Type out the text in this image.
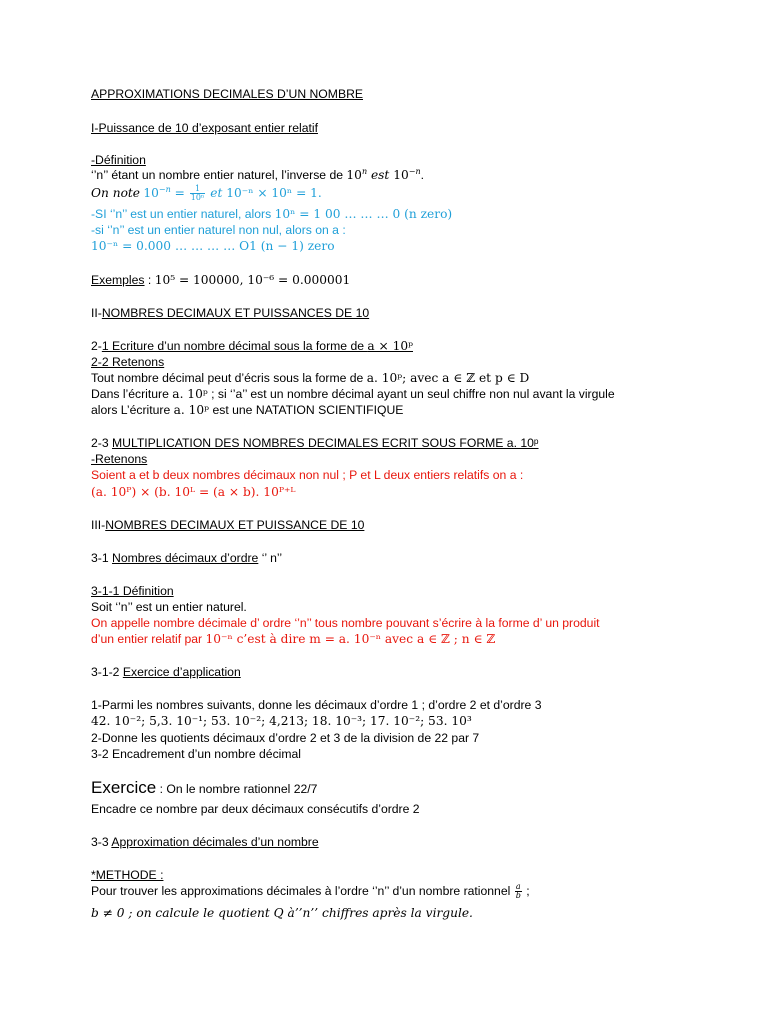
APPROXIMATIONS DECIMALES D’UN NOMBRE
I-Puissance de 10 d’exposant entier relatif
-Définition
‘’n’’ étant un nombre entier naturel, l’inverse de 10$^n$ est $10^{-n}$.
On note $10^{-n} = \frac{1}{\text{10ⁿ}}$ et 10⁻ⁿ × 10ⁿ = 1.
-SI ‘’n’’ est un entier naturel, alors 10ⁿ = 1 00 … … … 0 (n zero)
-si ‘’n’’ est un entier naturel non nul, alors on a :
10⁻ⁿ = 0.000 … … … … O1 (n − 1) zero
Exemples : 10⁵ = 100000, 10⁻⁶ = 0.000001
II-NOMBRES DECIMAUX ET PUISSANCES DE 10
2-1 Ecriture d’un nombre décimal sous la forme de a × 10ᵖ
2-2 Retenons
Tout nombre décimal peut d’écris sous la forme de a. 10ᵖ; avec a ∈ ℤ et p ∈ D
Dans l’écriture a. 10ᵖ ; si ‘’a’’ est un nombre décimal ayant un seul chiffre non nul avant la virgule
alors L’écriture a. 10ᵖ est une NATATION SCIENTIFIQUE
2-3 MULTIPLICATION DES NOMBRES DECIMALES ECRIT SOUS FORME a. 10ᵖ
-Retenons
Soient a et b deux nombres décimaux non nul ; P et L deux entiers relatifs on a :
(a. 10ᴾ) × (b. 10ᴸ = (a × b). 10ᴾ⁺ᴸ
III-NOMBRES DECIMAUX ET PUISSANCE DE 10
3-1 Nombres décimaux d’ordre ‘’ n’’
3-1-1 Définition
Soit ‘’n’’ est un entier naturel.
On appelle nombre décimale d’ ordre ‘’n’’ tous nombre pouvant s’écrire à la forme d’ un produit
d’un entier relatif par 10⁻ⁿ c’est à dire m = a. 10⁻ⁿ avec a ∈ ℤ ; n ∈ ℤ
3-1-2 Exercice d’application
1-Parmi les nombres suivants, donne les décimaux d’ordre 1 ; d’ordre 2 et d’ordre 3
42. 10⁻²; 5,3. 10⁻¹; 53. 10⁻²; 4,213; 18. 10⁻³; 17. 10⁻²; 53. 10³
2-Donne les quotients décimaux d’ordre 2 et 3 de la division de 22 par 7
3-2 Encadrement d’un nombre décimal
Exercice : On le nombre rationnel 22/7
Encadre ce nombre par deux décimaux consécutifs d’ordre 2
3-3 Approximation décimales d’un nombre
*METHODE :
Pour trouver les approximations décimales à l’ordre ‘’n’’ d’un nombre rationnel $\frac{a}{b}$ ;
b ≠ 0 ; on calcule le quotient Q à’’n’’ chiffres après la virgule.
